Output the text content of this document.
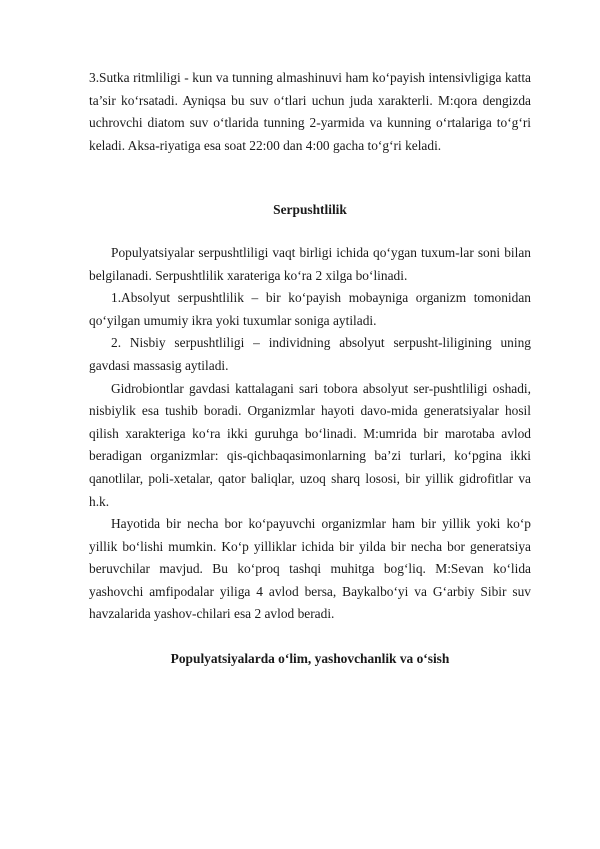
3.Sutka ritmliligi - kun va tunning almashinuvi ham ko‘payish intensivligiga katta ta’sir ko‘rsatadi. Ayniqsa bu suv o‘tlari uchun juda xarakterli. M:qora dengizda uchrovchi diatom suv o‘tlarida tunning 2-yarmida va kunning o‘rtalariga to‘g‘ri keladi. Aksa-riyatiga esa soat 22:00 dan 4:00 gacha to‘g‘ri keladi.

Serpushtlilik

Populyatsiyalar serpushtliligi vaqt birligi ichida qo‘ygan tuxum-lar soni bilan belgilanadi. Serpushtlilik xarateriga ko‘ra 2 xilga bo‘linadi.

1.Absolyut serpushtlilik – bir ko‘payish mobayniga organizm tomonidan qo‘yilgan umumiy ikra yoki tuxumlar soniga aytiladi.

2. Nisbiy serpushtliligi – individning absolyut serpusht-liligining uning gavdasi massasig aytiladi.

Gidrobiontlar gavdasi kattalagani sari tobora absolyut ser-pushtliligi oshadi, nisbiylik esa tushib boradi. Organizmlar hayoti davo-mida generatsiyalar hosil qilish xarakteriga ko‘ra ikki guruhga bo‘linadi. M:umrida bir marotaba avlod beradigan organizmlar: qis-qichbaqasimonlarning ba’zi turlari, ko‘pgina ikki qanotlilar, poli-xetalar, qator baliqlar, uzoq sharq lososi, bir yillik gidrofitlar va h.k.

Hayotida bir necha bor ko‘payuvchi organizmlar ham bir yillik yoki ko‘p yillik bo‘lishi mumkin. Ko‘p yilliklar ichida bir yilda bir necha bor generatsiya beruvchilar mavjud. Bu ko‘proq tashqi muhitga bog‘liq. M:Sevan ko‘lida yashovchi amfipodalar yiliga 4 avlod bersa, Baykalbo‘yi va G‘arbiy Sibir suv havzalarida yashov-chilari esa 2 avlod beradi.

Populyatsiyalarda o‘lim, yashovchanlik va o‘sish
